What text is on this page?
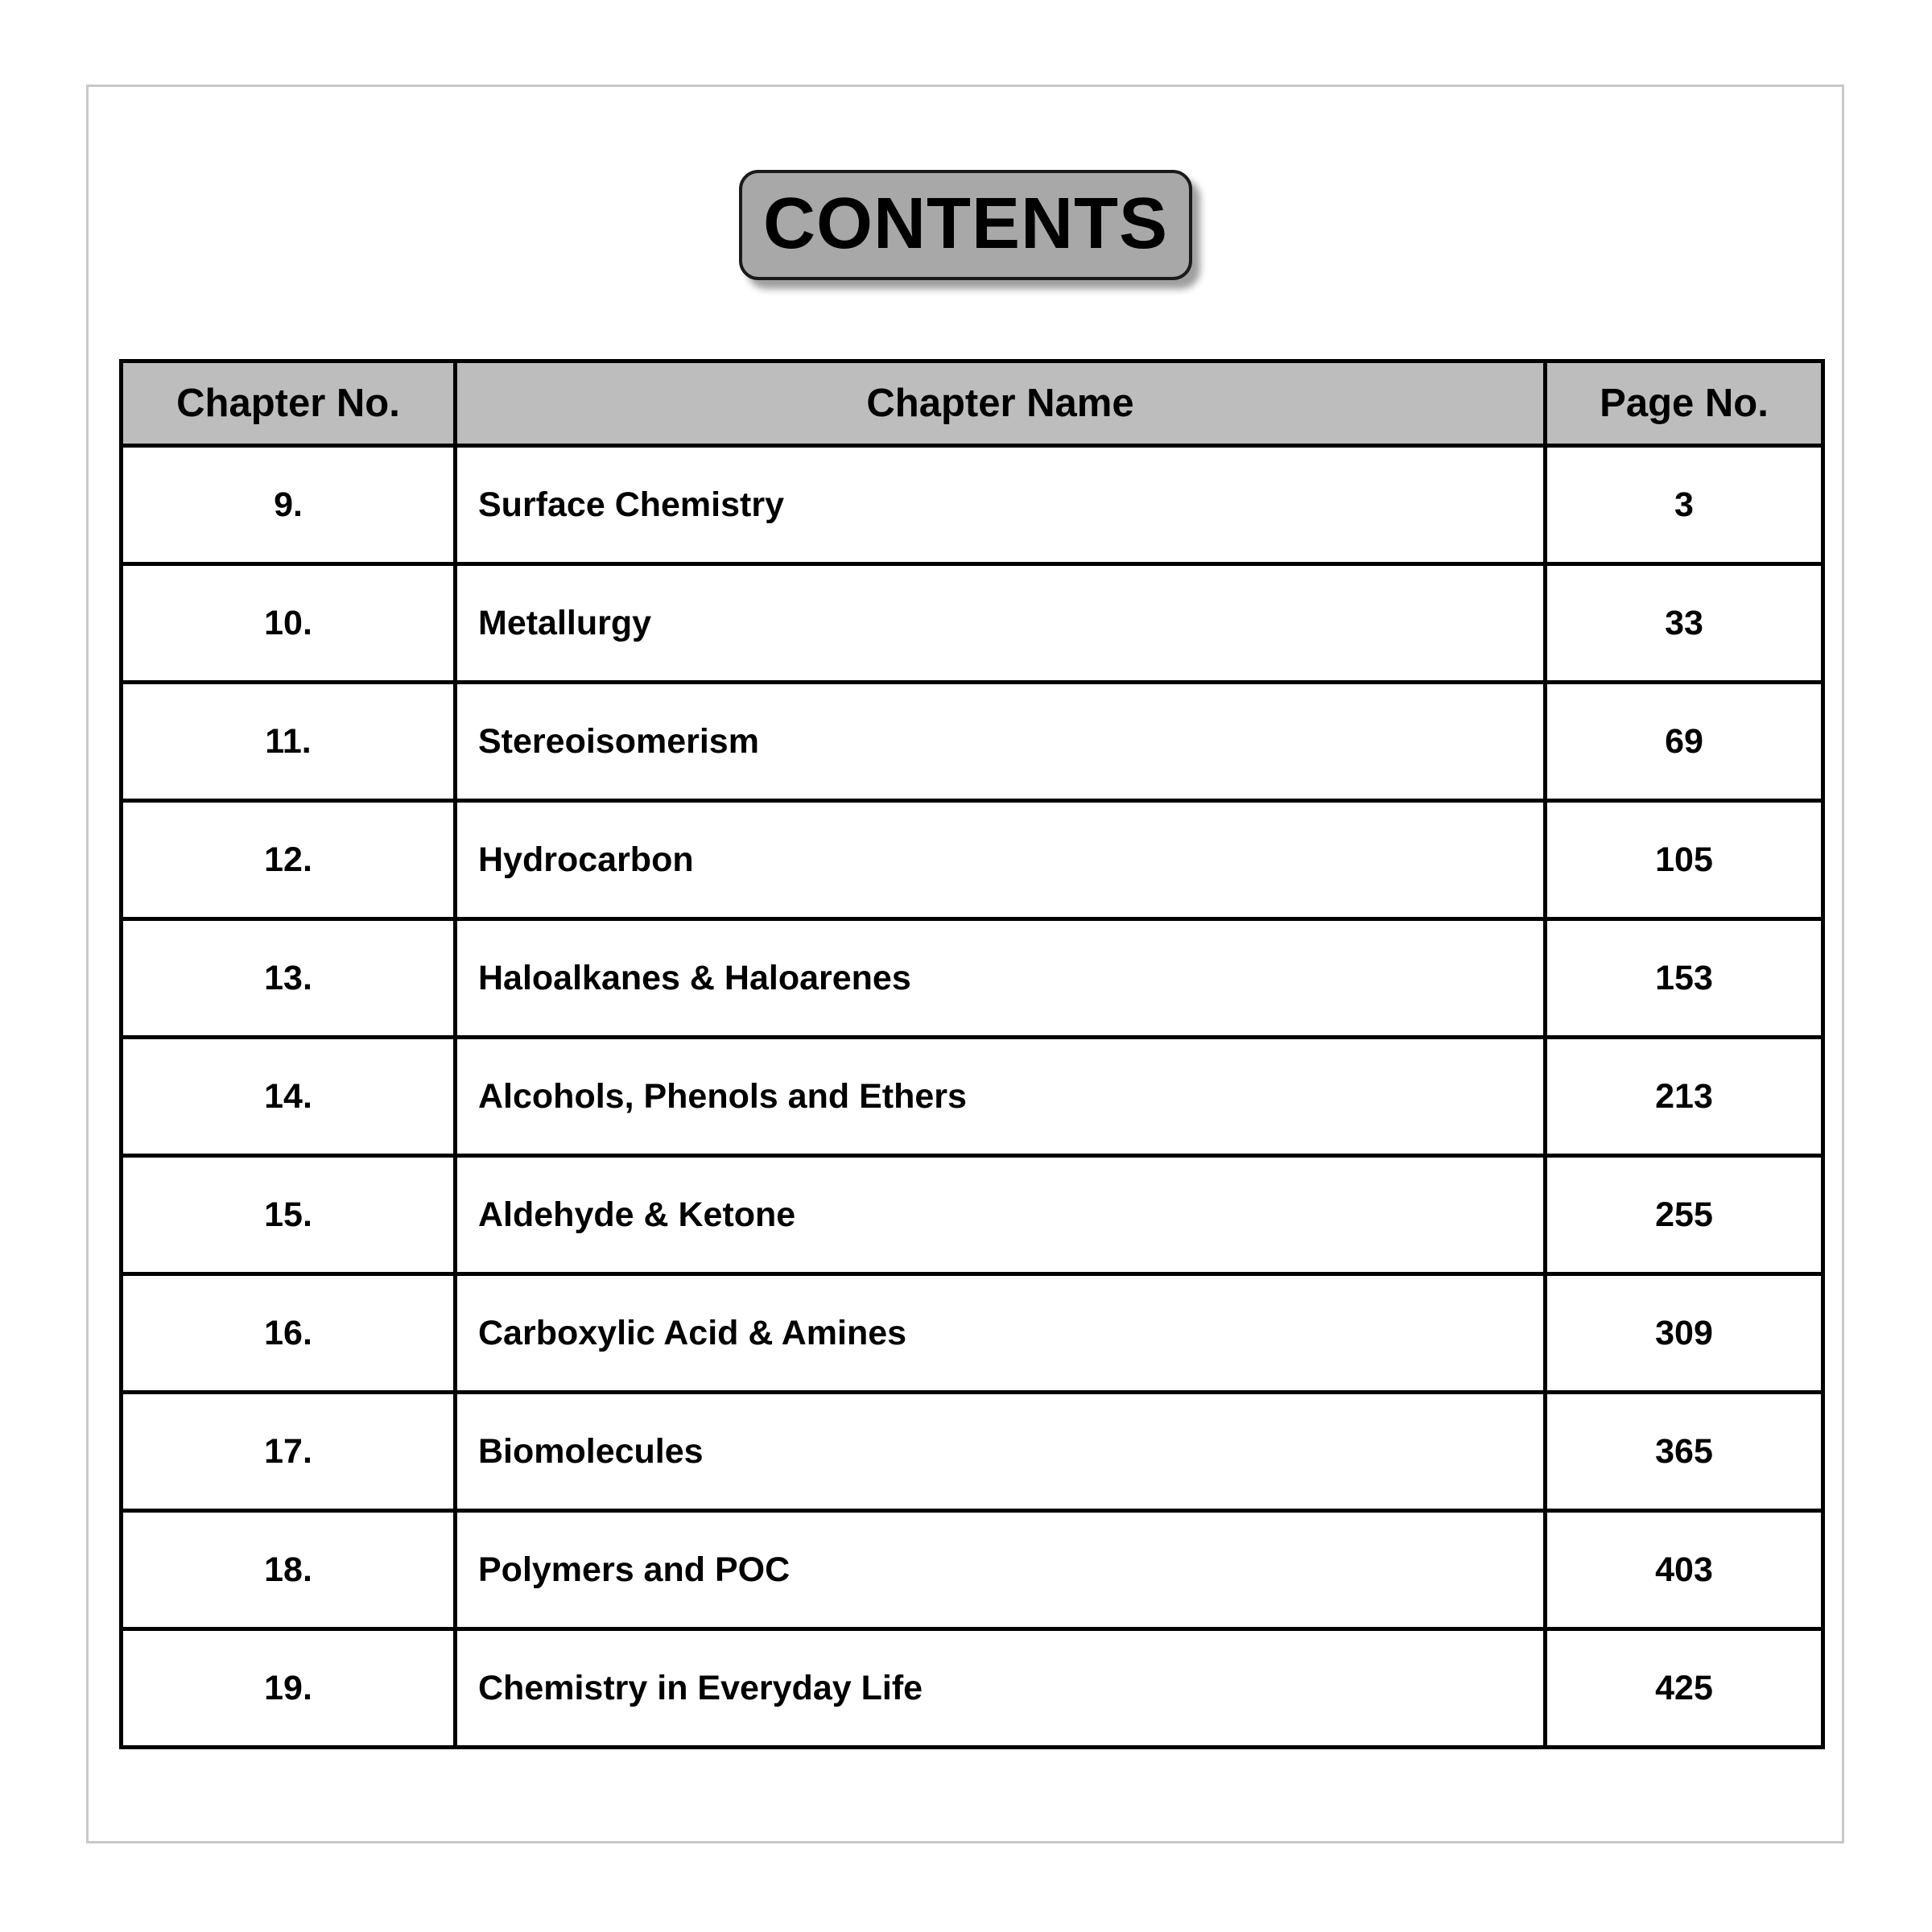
CONTENTS
Chapter No.	Chapter Name	Page No.
9.	Surface Chemistry	3
10.	Metallurgy	33
11.	Stereoisomerism	69
12.	Hydrocarbon	105
13.	Haloalkanes & Haloarenes	153
14.	Alcohols, Phenols and Ethers	213
15.	Aldehyde & Ketone	255
16.	Carboxylic Acid & Amines	309
17.	Biomolecules	365
18.	Polymers and POC	403
19.	Chemistry in Everyday Life	425
